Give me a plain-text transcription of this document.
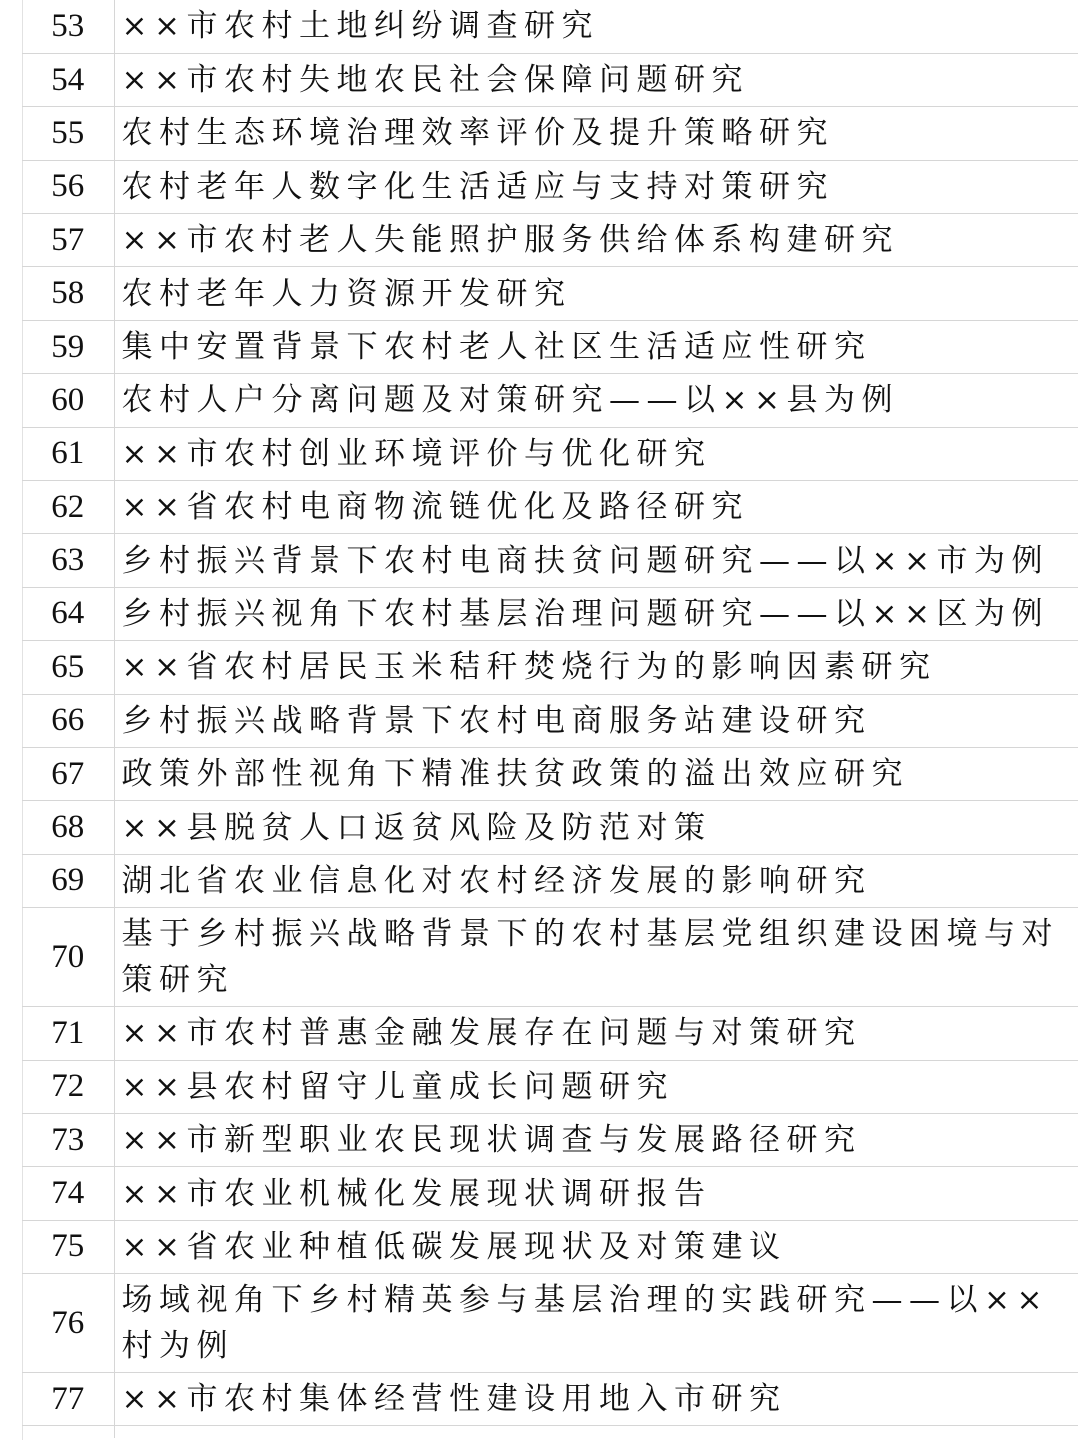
53	××市农村土地纠纷调查研究
54	××市农村失地农民社会保障问题研究
55	农村生态环境治理效率评价及提升策略研究
56	农村老年人数字化生活适应与支持对策研究
57	××市农村老人失能照护服务供给体系构建研究
58	农村老年人力资源开发研究
59	集中安置背景下农村老人社区生活适应性研究
60	农村人户分离问题及对策研究——以××县为例
61	××市农村创业环境评价与优化研究
62	××省农村电商物流链优化及路径研究
63	乡村振兴背景下农村电商扶贫问题研究——以××市为例
64	乡村振兴视角下农村基层治理问题研究——以××区为例
65	××省农村居民玉米秸秆焚烧行为的影响因素研究
66	乡村振兴战略背景下农村电商服务站建设研究
67	政策外部性视角下精准扶贫政策的溢出效应研究
68	××县脱贫人口返贫风险及防范对策
69	湖北省农业信息化对农村经济发展的影响研究
70	基于乡村振兴战略背景下的农村基层党组织建设困境与对策研究
71	××市农村普惠金融发展存在问题与对策研究
72	××县农村留守儿童成长问题研究
73	××市新型职业农民现状调查与发展路径研究
74	××市农业机械化发展现状调研报告
75	××省农业种植低碳发展现状及对策建议
76	场域视角下乡村精英参与基层治理的实践研究——以××村为例
77	××市农村集体经营性建设用地入市研究
